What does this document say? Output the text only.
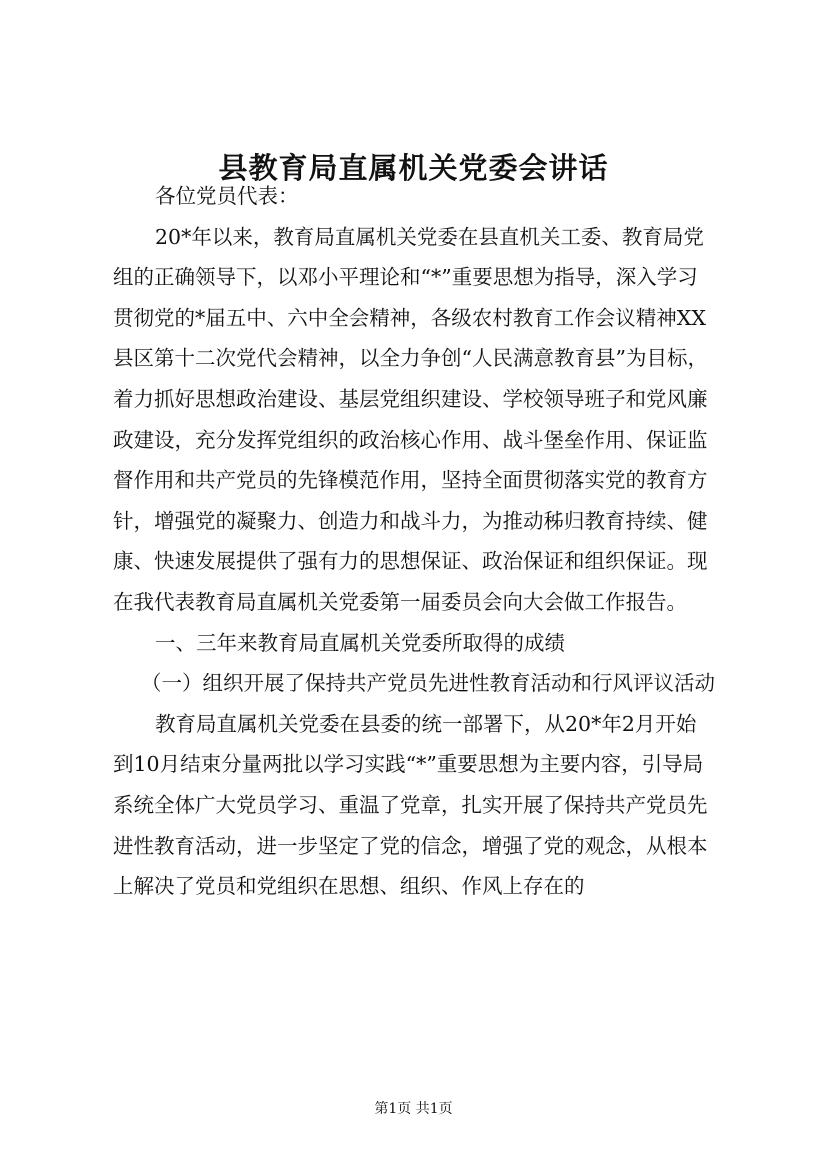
县教育局直属机关党委会讲话

各位党员代表：

20*年以来，教育局直属机关党委在县直机关工委、教育局党组的正确领导下，以邓小平理论和“*”重要思想为指导，深入学习贯彻党的*届五中、六中全会精神，各级农村教育工作会议精神XX县区第十二次党代会精神，以全力争创“人民满意教育县”为目标，着力抓好思想政治建设、基层党组织建设、学校领导班子和党风廉政建设，充分发挥党组织的政治核心作用、战斗堡垒作用、保证监督作用和共产党员的先锋模范作用，坚持全面贯彻落实党的教育方针，增强党的凝聚力、创造力和战斗力，为推动秭归教育持续、健康、快速发展提供了强有力的思想保证、政治保证和组织保证。现在我代表教育局直属机关党委第一届委员会向大会做工作报告。

一、三年来教育局直属机关党委所取得的成绩

（一）组织开展了保持共产党员先进性教育活动和行风评议活动

教育局直属机关党委在县委的统一部署下，从20*年2月开始到10月结束分量两批以学习实践“*”重要思想为主要内容，引导局系统全体广大党员学习、重温了党章，扎实开展了保持共产党员先进性教育活动，进一步坚定了党的信念，增强了党的观念，从根本上解决了党员和党组织在思想、组织、作风上存在的

第1页 共1页
